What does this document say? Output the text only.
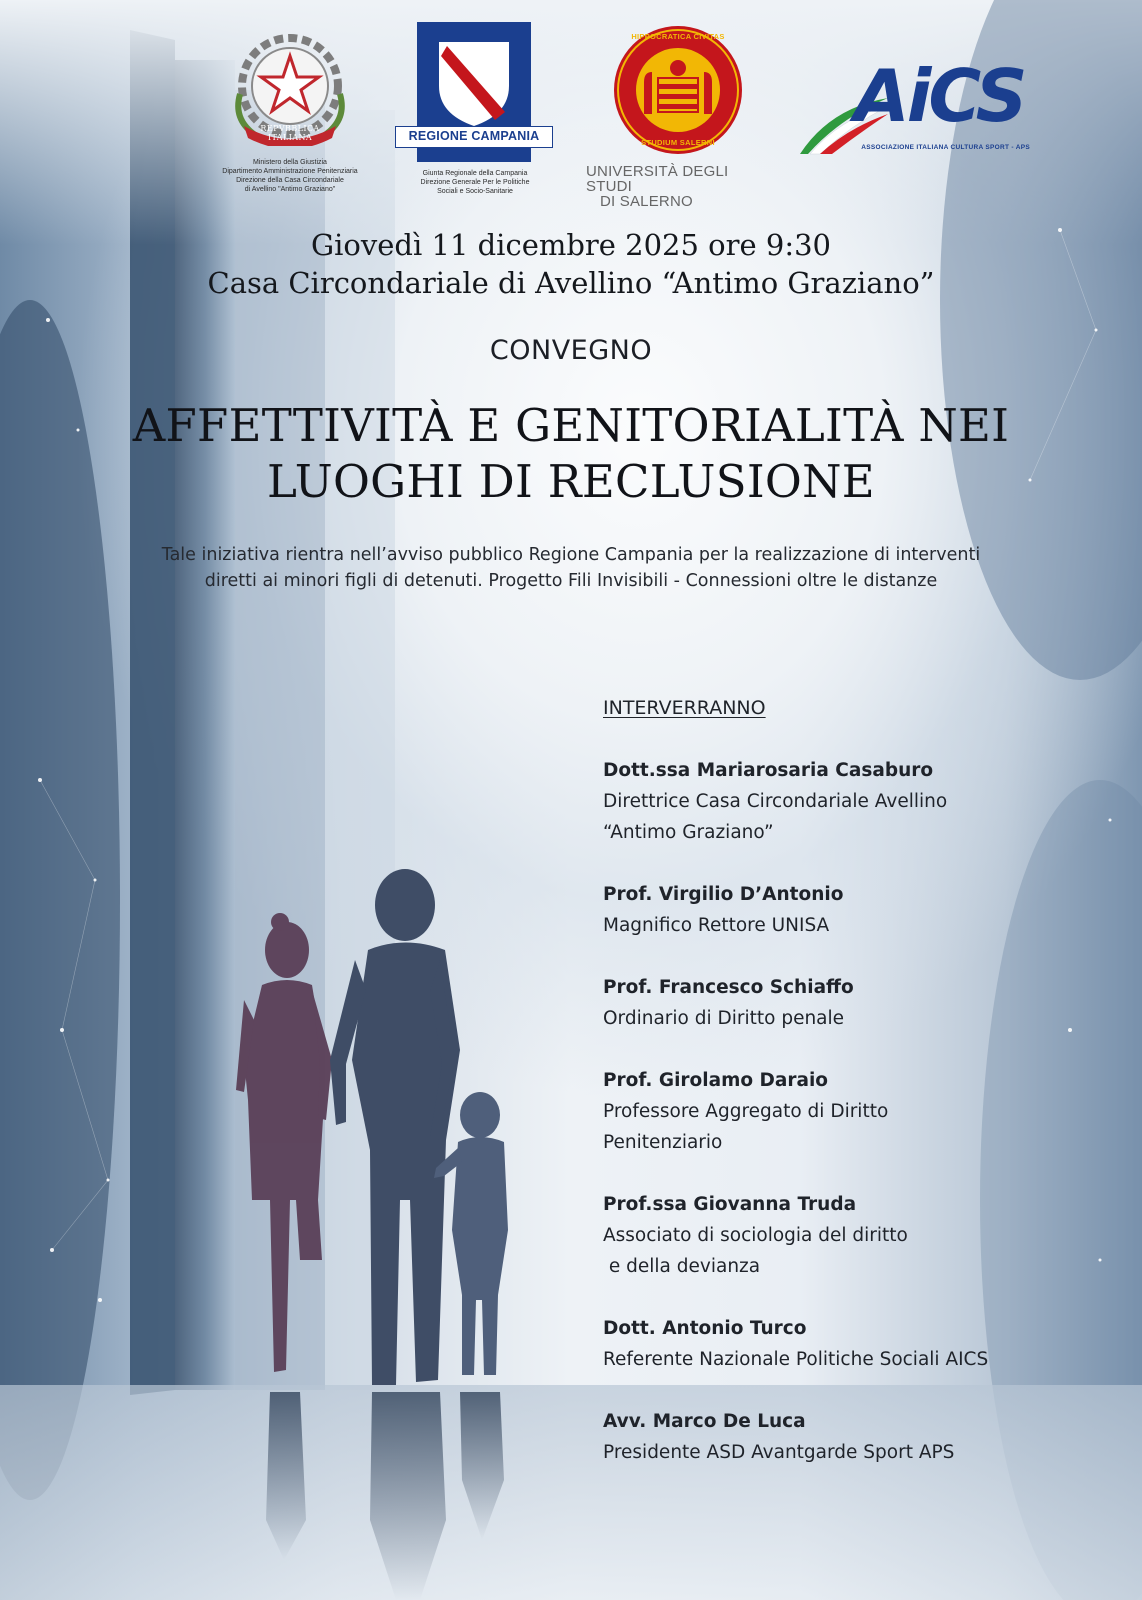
REPVBBLICA ITALIANA
Ministero della Giustizia
Dipartimento Amministrazione Penitenziaria
Direzione della Casa Circondariale
di Avellino "Antimo Graziano"
REGIONE CAMPANIA
Giunta Regionale della Campania
Direzione Generale Per le Politiche
Sociali e Socio-Sanitarie
HIPPOCRATICA CIVITAS
STUDIUM SALERNI
UNIVERSITÀ DEGLI STUDI
DI SALERNO
AiCS
ASSOCIAZIONE ITALIANA CULTURA SPORT - APS
Giovedì 11 dicembre 2025 ore 9:30
Casa Circondariale di Avellino “Antimo Graziano”
CONVEGNO
AFFETTIVITÀ E GENITORIALITÀ NEI
LUOGHI DI RECLUSIONE
Tale iniziativa rientra nell’avviso pubblico Regione Campania per la realizzazione di interventi
diretti ai minori figli di detenuti. Progetto Fili Invisibili - Connessioni oltre le distanze
INTERVERRANNO
Dott.ssa Mariarosaria Casaburo
Direttrice Casa Circondariale Avellino
“Antimo Graziano”
Prof. Virgilio D’Antonio
Magnifico Rettore UNISA
Prof. Francesco Schiaffo
Ordinario di Diritto penale
Prof. Girolamo Daraio
Professore Aggregato di Diritto
Penitenziario
Prof.ssa Giovanna Truda
Associato di sociologia del diritto
e della devianza
Dott. Antonio Turco
Referente Nazionale Politiche Sociali AICS
Avv. Marco De Luca
Presidente ASD Avantgarde Sport APS
